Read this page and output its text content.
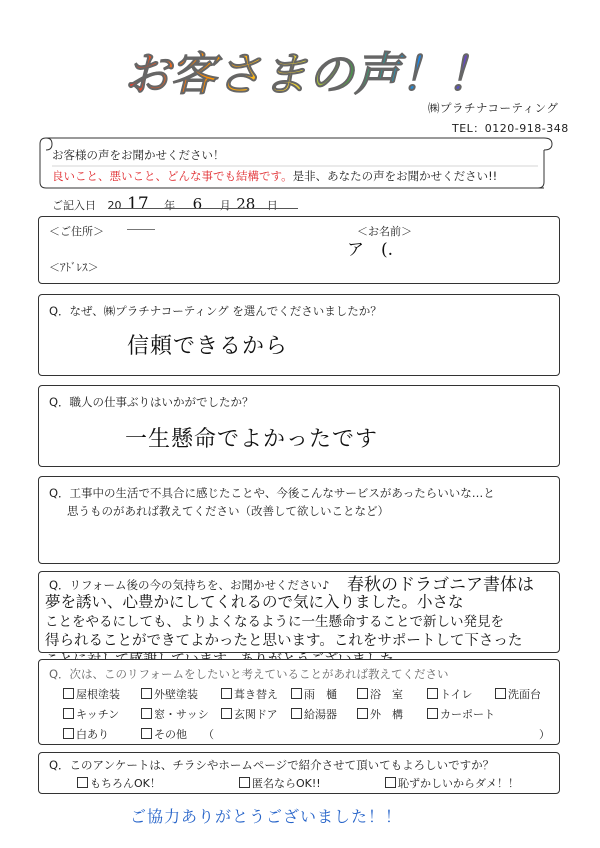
お客さまの声！！
㈱プラチナコーティング
TEL：0120-918-348
お客様の声をお聞かせください！
良いこと、悪いこと、どんな事でも結構です。是非、あなたの声をお聞かせください!!
ご記入日 20 17 年 6 月 28 日
＜ご住所＞	＜お名前＞
ア　(.
＜ｱﾄﾞﾚｽ＞
Q．なぜ、㈱プラチナコーティング を選んでくださいましたか？
信頼できるから
Q．職人の仕事ぶりはいかがでしたか？
一生懸命でよかったです
Q．工事中の生活で不具合に感じたことや、今後こんなサービスがあったらいいな…と
思うものがあれば教えてください（改善して欲しいことなど）
Q．リフォーム後の今の気持ちを、お聞かせください♪ 春秋のドラゴニア書体は
夢を誘い、心豊かにしてくれるので気に入りました。小さな
ことをやるにしても、よりよくなるように一生懸命することで新しい発見を
得られることができてよかったと思います。これをサポートして下さった
Q．次は、このリフォームをしたいと考えていることがあれば教えてください
屋根塗装	外壁塗装	葺き替え	雨　樋	浴　室	トイレ	洗面台
キッチン	窓・サッシ	玄関ドア	給湯器	外　構	カーポート
白あり	その他 （	）
Q．このアンケートは、チラシやホームページで紹介させて頂いてもよろしいですか？
もちろんOK！	匿名ならOK!!	恥ずかしいからダメ！！
ご協力ありがとうございました！！
